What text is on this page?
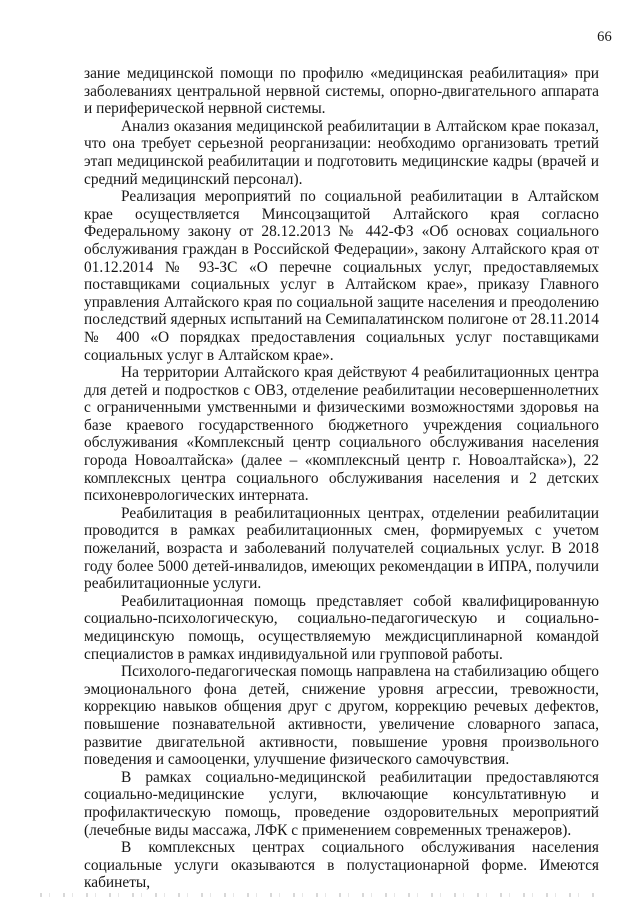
66

зание медицинской помощи по профилю «медицинская реабилитация» при заболеваниях центральной нервной системы, опорно-двигательного аппарата и периферической нервной системы.

Анализ оказания медицинской реабилитации в Алтайском крае показал, что она требует серьезной реорганизации: необходимо организовать третий этап медицинской реабилитации и подготовить медицинские кадры (врачей и средний медицинский персонал).

Реализация мероприятий по социальной реабилитации в Алтайском крае осуществляется Минсоцзащитой Алтайского края согласно Федеральному закону от 28.12.2013 № 442-ФЗ «Об основах социального обслуживания граждан в Российской Федерации», закону Алтайского края от 01.12.2014 № 93-ЗС «О перечне социальных услуг, предоставляемых поставщиками социальных услуг в Алтайском крае», приказу Главного управления Алтайского края по социальной защите населения и преодолению последствий ядерных испытаний на Семипалатинском полигоне от 28.11.2014 № 400 «О порядках предоставления социальных услуг поставщиками социальных услуг в Алтайском крае».

На территории Алтайского края действуют 4 реабилитационных центра для детей и подростков с ОВЗ, отделение реабилитации несовершеннолетних с ограниченными умственными и физическими возможностями здоровья на базе краевого государственного бюджетного учреждения социального обслуживания «Комплексный центр социального обслуживания населения города Новоалтайска» (далее – «комплексный центр г. Новоалтайска»), 22 комплексных центра социального обслуживания населения и 2 детских психоневрологических интерната.

Реабилитация в реабилитационных центрах, отделении реабилитации проводится в рамках реабилитационных смен, формируемых с учетом пожеланий, возраста и заболеваний получателей социальных услуг. В 2018 году более 5000 детей-инвалидов, имеющих рекомендации в ИПРА, получили реабилитационные услуги.

Реабилитационная помощь представляет собой квалифицированную социально-психологическую, социально-педагогическую и социально-медицинскую помощь, осуществляемую междисциплинарной командой специалистов в рамках индивидуальной или групповой работы.

Психолого-педагогическая помощь направлена на стабилизацию общего эмоционального фона детей, снижение уровня агрессии, тревожности, коррекцию навыков общения друг с другом, коррекцию речевых дефектов, повышение познавательной активности, увеличение словарного запаса, развитие двигательной активности, повышение уровня произвольного поведения и самооценки, улучшение физического самочувствия.

В рамках социально-медицинской реабилитации предоставляются социально-медицинские услуги, включающие консультативную и профилактическую помощь, проведение оздоровительных мероприятий (лечебные виды массажа, ЛФК с применением современных тренажеров).

В комплексных центрах социального обслуживания населения социальные услуги оказываются в полустационарной форме. Имеются кабинеты,
